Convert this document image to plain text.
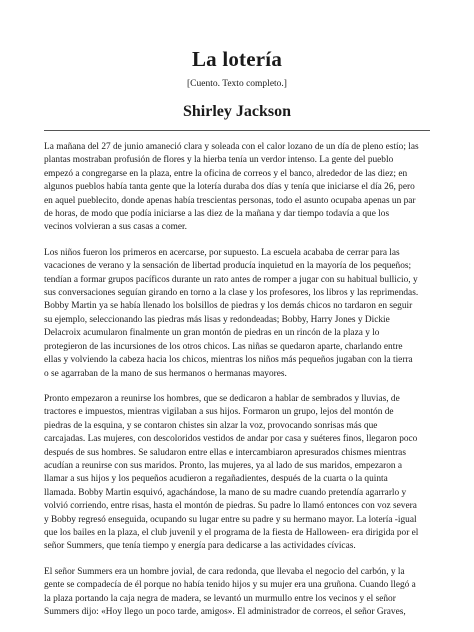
La lotería
[Cuento. Texto completo.]
Shirley Jackson
La mañana del 27 de junio amaneció clara y soleada con el calor lozano de un día de pleno estío; las
plantas mostraban profusión de flores y la hierba tenía un verdor intenso. La gente del pueblo
empezó a congregarse en la plaza, entre la oficina de correos y el banco, alrededor de las diez; en
algunos pueblos había tanta gente que la lotería duraba dos días y tenía que iniciarse el día 26, pero
en aquel pueblecito, donde apenas había trescientas personas, todo el asunto ocupaba apenas un par
de horas, de modo que podía iniciarse a las diez de la mañana y dar tiempo todavía a que los
vecinos volvieran a sus casas a comer.
Los niños fueron los primeros en acercarse, por supuesto. La escuela acababa de cerrar para las
vacaciones de verano y la sensación de libertad producía inquietud en la mayoría de los pequeños;
tendían a formar grupos pacíficos durante un rato antes de romper a jugar con su habitual bullicio, y
sus conversaciones seguían girando en torno a la clase y los profesores, los libros y las reprimendas.
Bobby Martin ya se había llenado los bolsillos de piedras y los demás chicos no tardaron en seguir
su ejemplo, seleccionando las piedras más lisas y redondeadas; Bobby, Harry Jones y Dickie
Delacroix acumularon finalmente un gran montón de piedras en un rincón de la plaza y lo
protegieron de las incursiones de los otros chicos. Las niñas se quedaron aparte, charlando entre
ellas y volviendo la cabeza hacia los chicos, mientras los niños más pequeños jugaban con la tierra
o se agarraban de la mano de sus hermanos o hermanas mayores.
Pronto empezaron a reunirse los hombres, que se dedicaron a hablar de sembrados y lluvias, de
tractores e impuestos, mientras vigilaban a sus hijos. Formaron un grupo, lejos del montón de
piedras de la esquina, y se contaron chistes sin alzar la voz, provocando sonrisas más que
carcajadas. Las mujeres, con descoloridos vestidos de andar por casa y suéteres finos, llegaron poco
después de sus hombres. Se saludaron entre ellas e intercambiaron apresurados chismes mientras
acudían a reunirse con sus maridos. Pronto, las mujeres, ya al lado de sus maridos, empezaron a
llamar a sus hijos y los pequeños acudieron a regañadientes, después de la cuarta o la quinta
llamada. Bobby Martin esquivó, agachándose, la mano de su madre cuando pretendía agarrarlo y
volvió corriendo, entre risas, hasta el montón de piedras. Su padre lo llamó entonces con voz severa
y Bobby regresó enseguida, ocupando su lugar entre su padre y su hermano mayor. La lotería -igual
que los bailes en la plaza, el club juvenil y el programa de la fiesta de Halloween- era dirigida por el
señor Summers, que tenía tiempo y energía para dedicarse a las actividades cívicas.
El señor Summers era un hombre jovial, de cara redonda, que llevaba el negocio del carbón, y la
gente se compadecía de él porque no había tenido hijos y su mujer era una gruñona. Cuando llegó a
la plaza portando la caja negra de madera, se levantó un murmullo entre los vecinos y el señor
Summers dijo: «Hoy llego un poco tarde, amigos». El administrador de correos, el señor Graves,
